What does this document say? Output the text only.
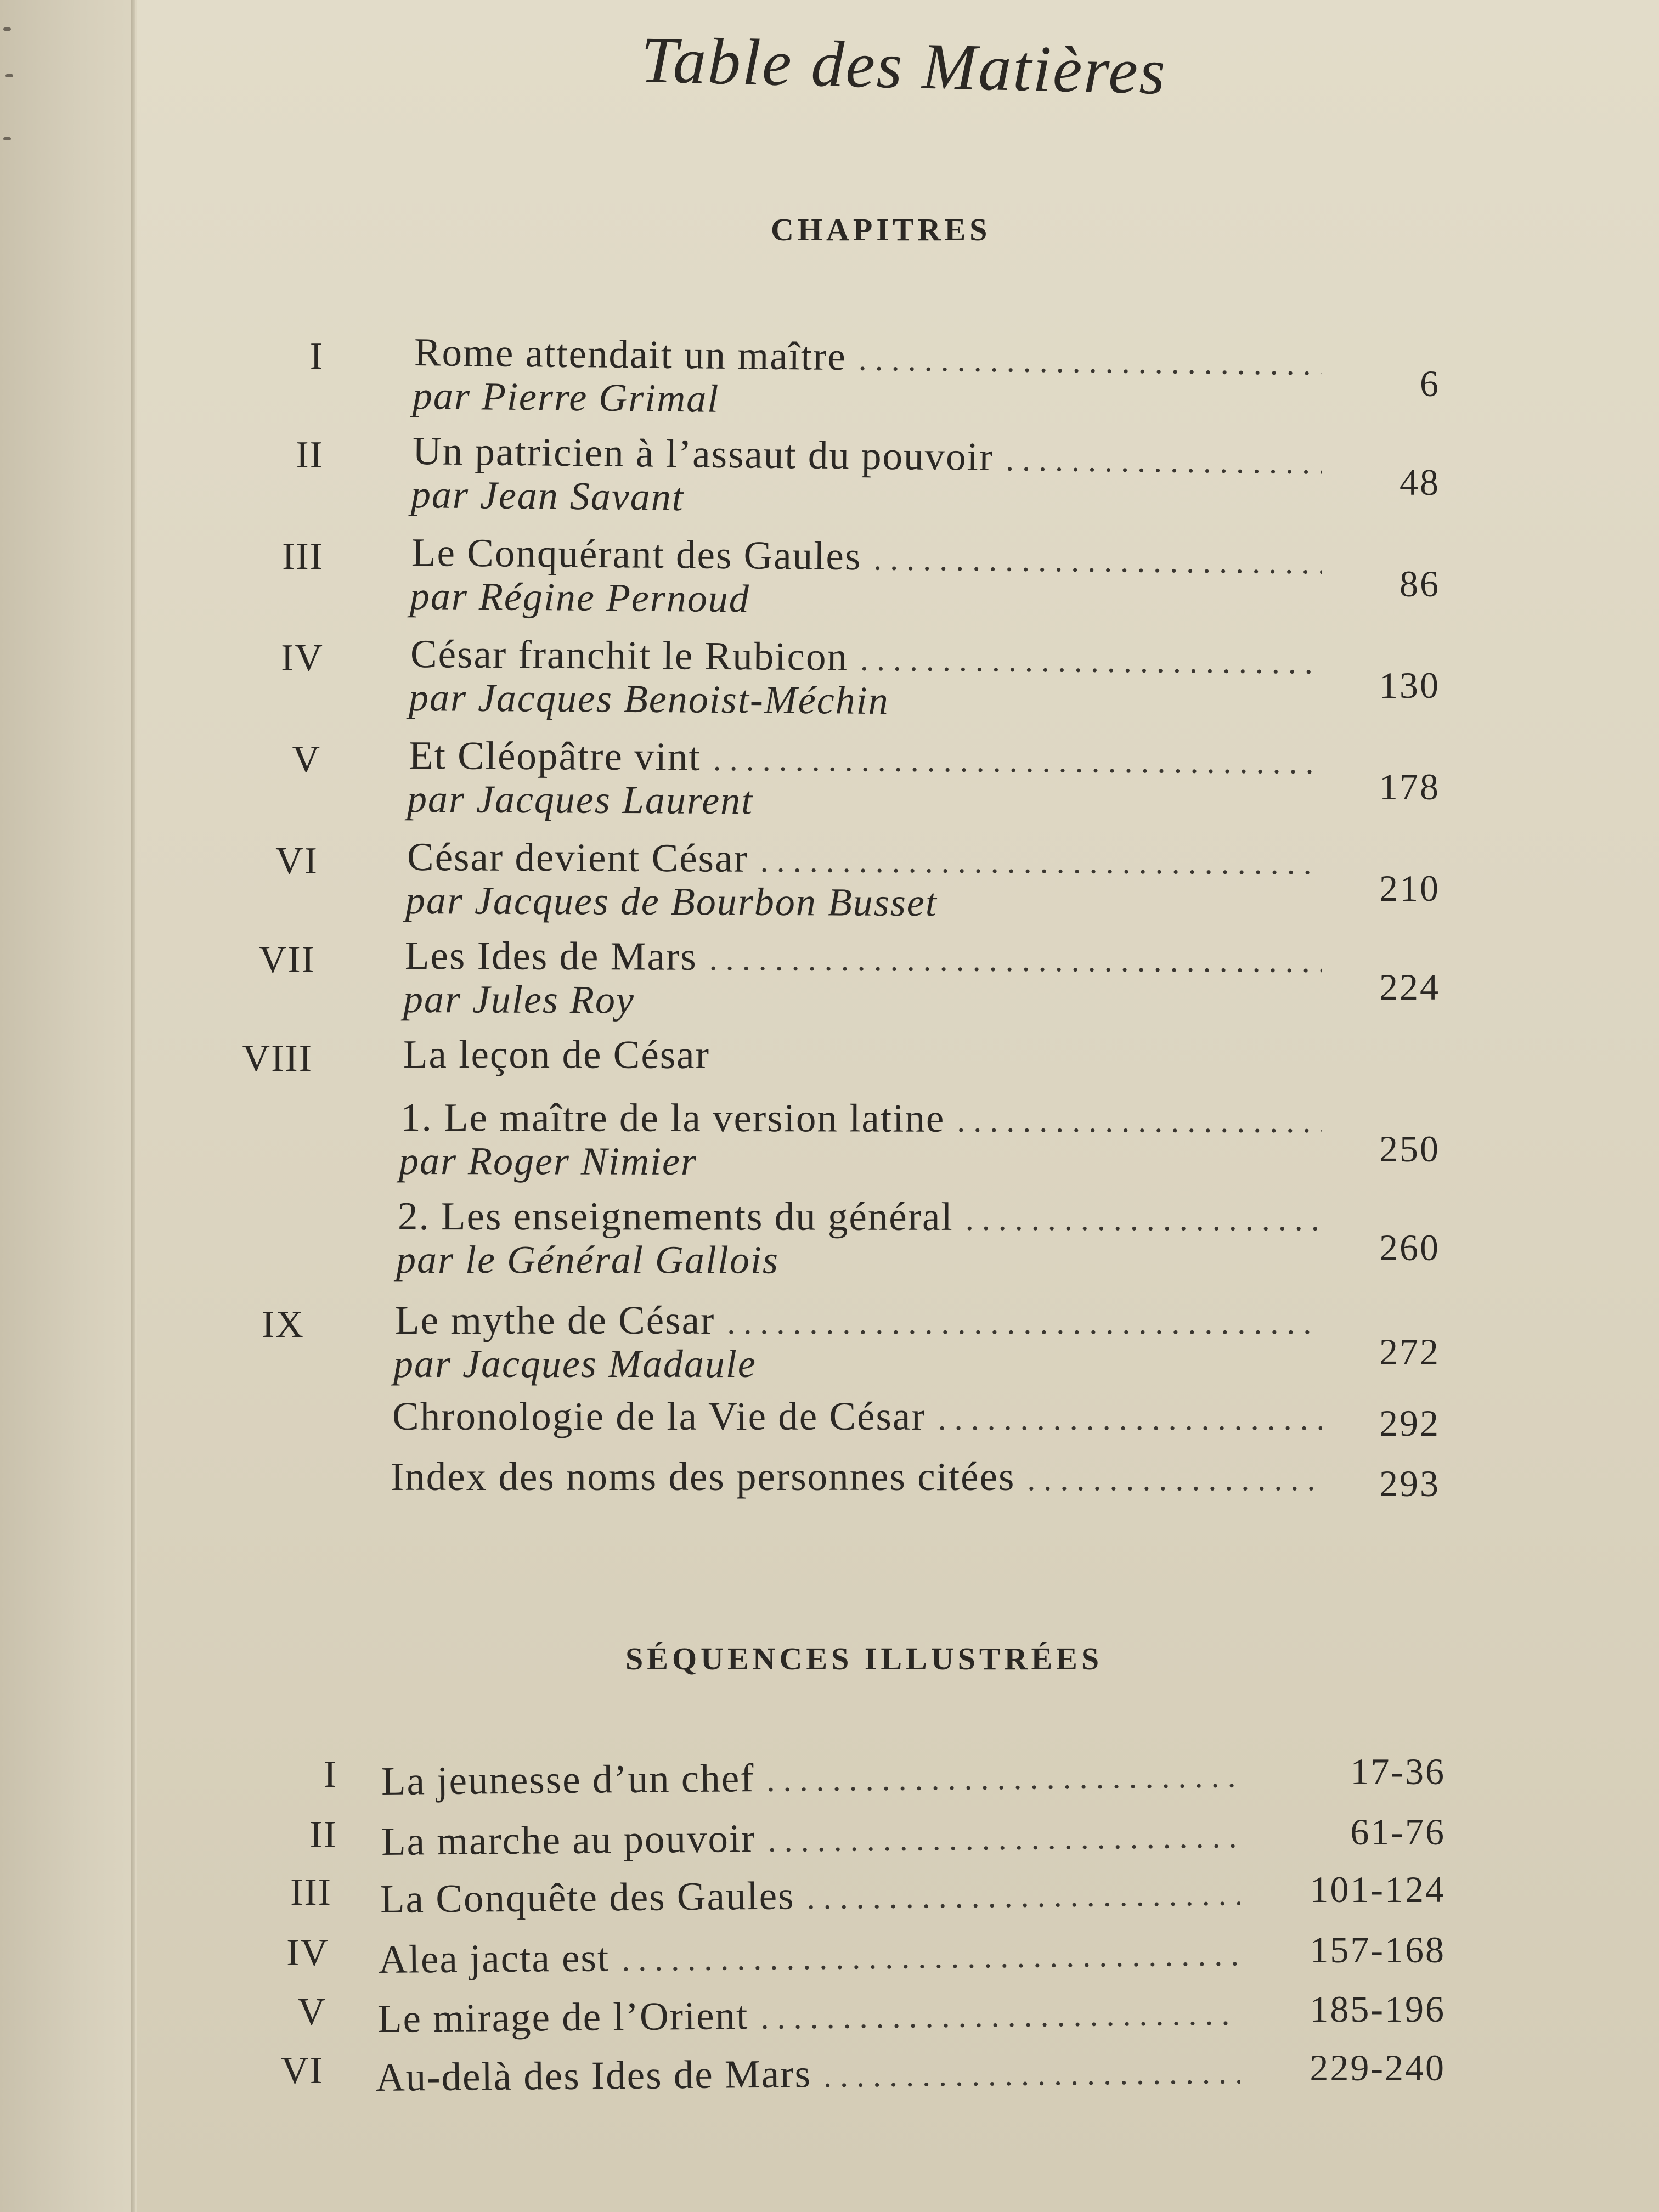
Table des Matières
CHAPITRES
I Rome attendait un maître
. . .
par Pierre Grimal	6
II Un patricien à l’assaut du pouvoir
. . .
par Jean Savant	48
III Le Conquérant des Gaules
. . .
par Régine Pernoud	86
IV César franchit le Rubicon
. . .
par Jacques Benoist-Méchin	130
V Et Cléopâtre vint
. . .
par Jacques Laurent	178
VI César devient César
. . .
par Jacques de Bourbon Busset	210
VII Les Ides de Mars
. . .
par Jules Roy	224
VIII La leçon de César
1. Le maître de la version latine
. . .
par Roger Nimier	250
2. Les enseignements du général
. . .
par le Général Gallois	260
IX Le mythe de César
. . .
par Jacques Madaule	272
Chronologie de la Vie de César . . .	292
Index des noms des personnes citées . . .	293
SÉQUENCES ILLUSTRÉES
I La jeunesse d’un chef . . .	17-36
II La marche au pouvoir . . .	61-76
III La Conquête des Gaules . . .	101-124
IV Alea jacta est . . .	157-168
V Le mirage de l’Orient . . .	185-196
VI Au-delà des Ides de Mars . . .	229-240
